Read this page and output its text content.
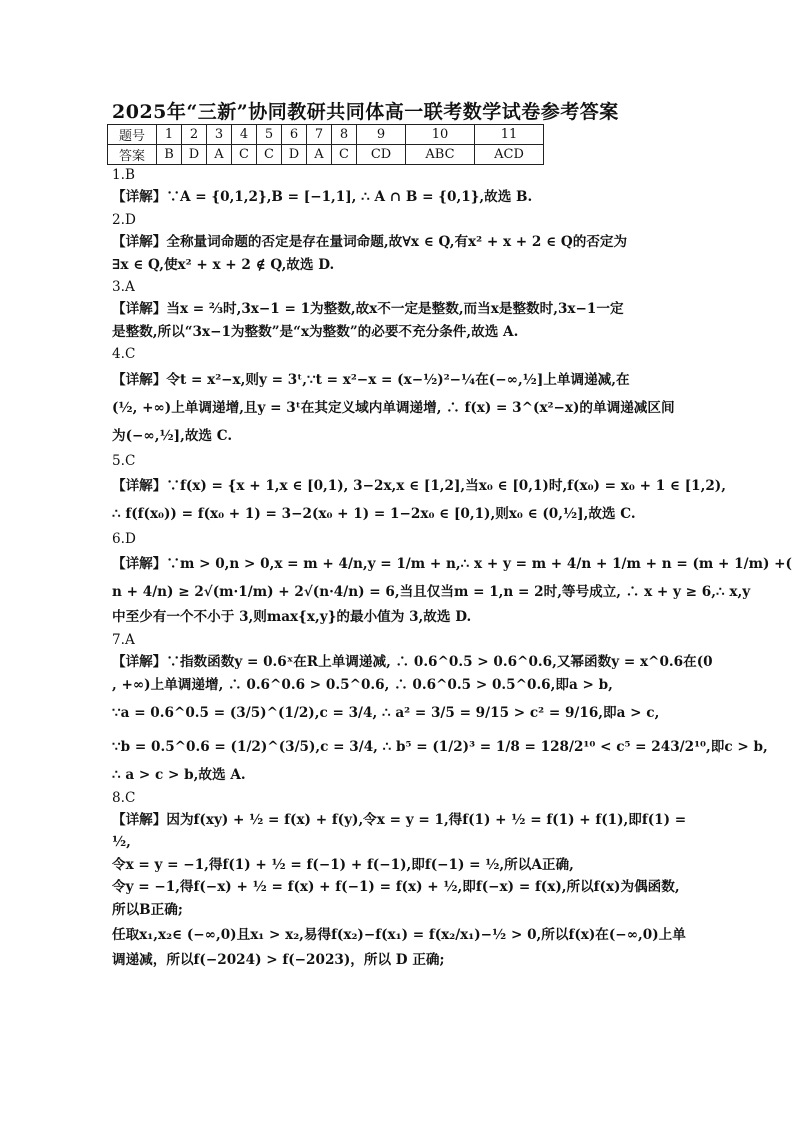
2025年“三新”协同教研共同体高一联考数学试卷参考答案
题号	1	2	3	4	5	6	7	8	9	10	11
答案	B	D	A	C	C	D	A	C	CD	ABC	ACD
1.B
【详解】∵A = {0,1,2},B = [−1,1], ∴ A ∩ B = {0,1},故选 B.
2.D
【详解】全称量词命题的否定是存在量词命题,故∀x ∈ Q,有x² + x + 2 ∈ Q的否定为
∃x ∈ Q,使x² + x + 2 ∉ Q,故选 D.
3.A
【详解】当x = ⅔时,3x−1 = 1为整数,故x不一定是整数,而当x是整数时,3x−1一定
是整数,所以“3x−1为整数”是“x为整数”的必要不充分条件,故选 A.
4.C
【详解】令t = x²−x,则y = 3ᵗ,∵t = x²−x = (x−½)²−¼在(−∞,½]上单调递减,在
(½, +∞)上单调递增,且y = 3ᵗ在其定义域内单调递增, ∴ f(x) = 3^(x²−x)的单调递减区间
为(−∞,½],故选 C.
5.C
【详解】∵f(x) = {x + 1,x ∈ [0,1), 3−2x,x ∈ [1,2],当x₀ ∈ [0,1)时,f(x₀) = x₀ + 1 ∈ [1,2),
∴ f(f(x₀)) = f(x₀ + 1) = 3−2(x₀ + 1) = 1−2x₀ ∈ [0,1),则x₀ ∈ (0,½],故选 C.
6.D
【详解】∵m > 0,n > 0,x = m + 4/n,y = 1/m + n,∴ x + y = m + 4/n + 1/m + n = (m + 1/m) +(
n + 4/n) ≥ 2√(m·1/m) + 2√(n·4/n) = 6,当且仅当m = 1,n = 2时,等号成立, ∴ x + y ≥ 6,∴ x,y
中至少有一个不小于 3,则max{x,y}的最小值为 3,故选 D.
7.A
【详解】∵指数函数y = 0.6ˣ在R上单调递减, ∴ 0.6^0.5 > 0.6^0.6,又幂函数y = x^0.6在(0
, +∞)上单调递增, ∴ 0.6^0.6 > 0.5^0.6, ∴ 0.6^0.5 > 0.5^0.6,即a > b,
∵a = 0.6^0.5 = (3/5)^(1/2),c = 3/4, ∴ a² = 3/5 = 9/15 > c² = 9/16,即a > c,
∵b = 0.5^0.6 = (1/2)^(3/5),c = 3/4, ∴ b⁵ = (1/2)³ = 1/8 = 128/2¹⁰ < c⁵ = 243/2¹⁰,即c > b,
∴ a > c > b,故选 A.
8.C
【详解】因为f(xy) + ½ = f(x) + f(y),令x = y = 1,得f(1) + ½ = f(1) + f(1),即f(1) =
½,
令x = y = −1,得f(1) + ½ = f(−1) + f(−1),即f(−1) = ½,所以A正确,
令y = −1,得f(−x) + ½ = f(x) + f(−1) = f(x) + ½,即f(−x) = f(x),所以f(x)为偶函数,
所以B正确;
任取x₁,x₂∈ (−∞,0)且x₁ > x₂,易得f(x₂)−f(x₁) = f(x₂/x₁)−½ > 0,所以f(x)在(−∞,0)上单
调递减，所以f(−2024) > f(−2023)，所以 D 正确;
